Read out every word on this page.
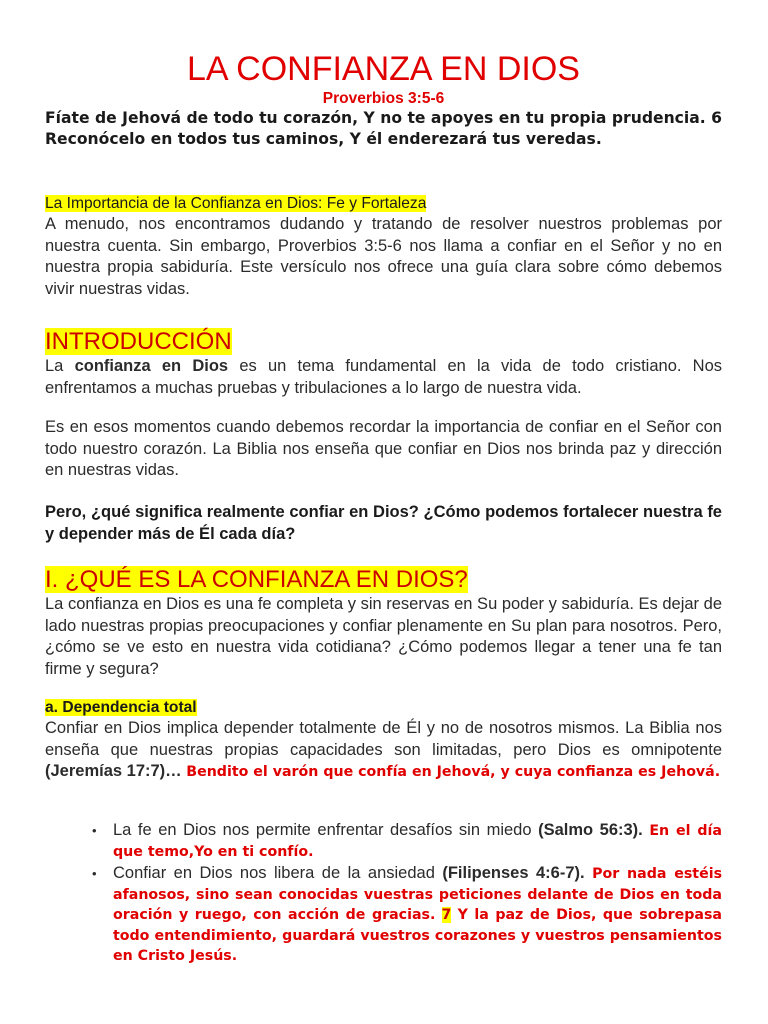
LA CONFIANZA EN DIOS
Proverbios 3:5-6
Fíate de Jehová de todo tu corazón, Y no te apoyes en tu propia prudencia. 6 Reconócelo en todos tus caminos, Y él enderezará tus veredas.
La Importancia de la Confianza en Dios: Fe y Fortaleza
A menudo, nos encontramos dudando y tratando de resolver nuestros problemas por nuestra cuenta. Sin embargo, Proverbios 3:5-6 nos llama a confiar en el Señor y no en nuestra propia sabiduría. Este versículo nos ofrece una guía clara sobre cómo debemos vivir nuestras vidas.
INTRODUCCIÓN
La confianza en Dios es un tema fundamental en la vida de todo cristiano. Nos enfrentamos a muchas pruebas y tribulaciones a lo largo de nuestra vida.
Es en esos momentos cuando debemos recordar la importancia de confiar en el Señor con todo nuestro corazón. La Biblia nos enseña que confiar en Dios nos brinda paz y dirección en nuestras vidas.
Pero, ¿qué significa realmente confiar en Dios? ¿Cómo podemos fortalecer nuestra fe y depender más de Él cada día?
I. ¿QUÉ ES LA CONFIANZA EN DIOS?
La confianza en Dios es una fe completa y sin reservas en Su poder y sabiduría. Es dejar de lado nuestras propias preocupaciones y confiar plenamente en Su plan para nosotros. Pero, ¿cómo se ve esto en nuestra vida cotidiana? ¿Cómo podemos llegar a tener una fe tan firme y segura?
a. Dependencia total
Confiar en Dios implica depender totalmente de Él y no de nosotros mismos. La Biblia nos enseña que nuestras propias capacidades son limitadas, pero Dios es omnipotente (Jeremías 17:7)… Bendito el varón que confía en Jehová, y cuya confianza es Jehová.
• La fe en Dios nos permite enfrentar desafíos sin miedo (Salmo 56:3). En el día que temo,Yo en ti confío.
• Confiar en Dios nos libera de la ansiedad (Filipenses 4:6-7). Por nada estéis afanosos, sino sean conocidas vuestras peticiones delante de Dios en toda oración y ruego, con acción de gracias. 7 Y la paz de Dios, que sobrepasa todo entendimiento, guardará vuestros corazones y vuestros pensamientos en Cristo Jesús.
